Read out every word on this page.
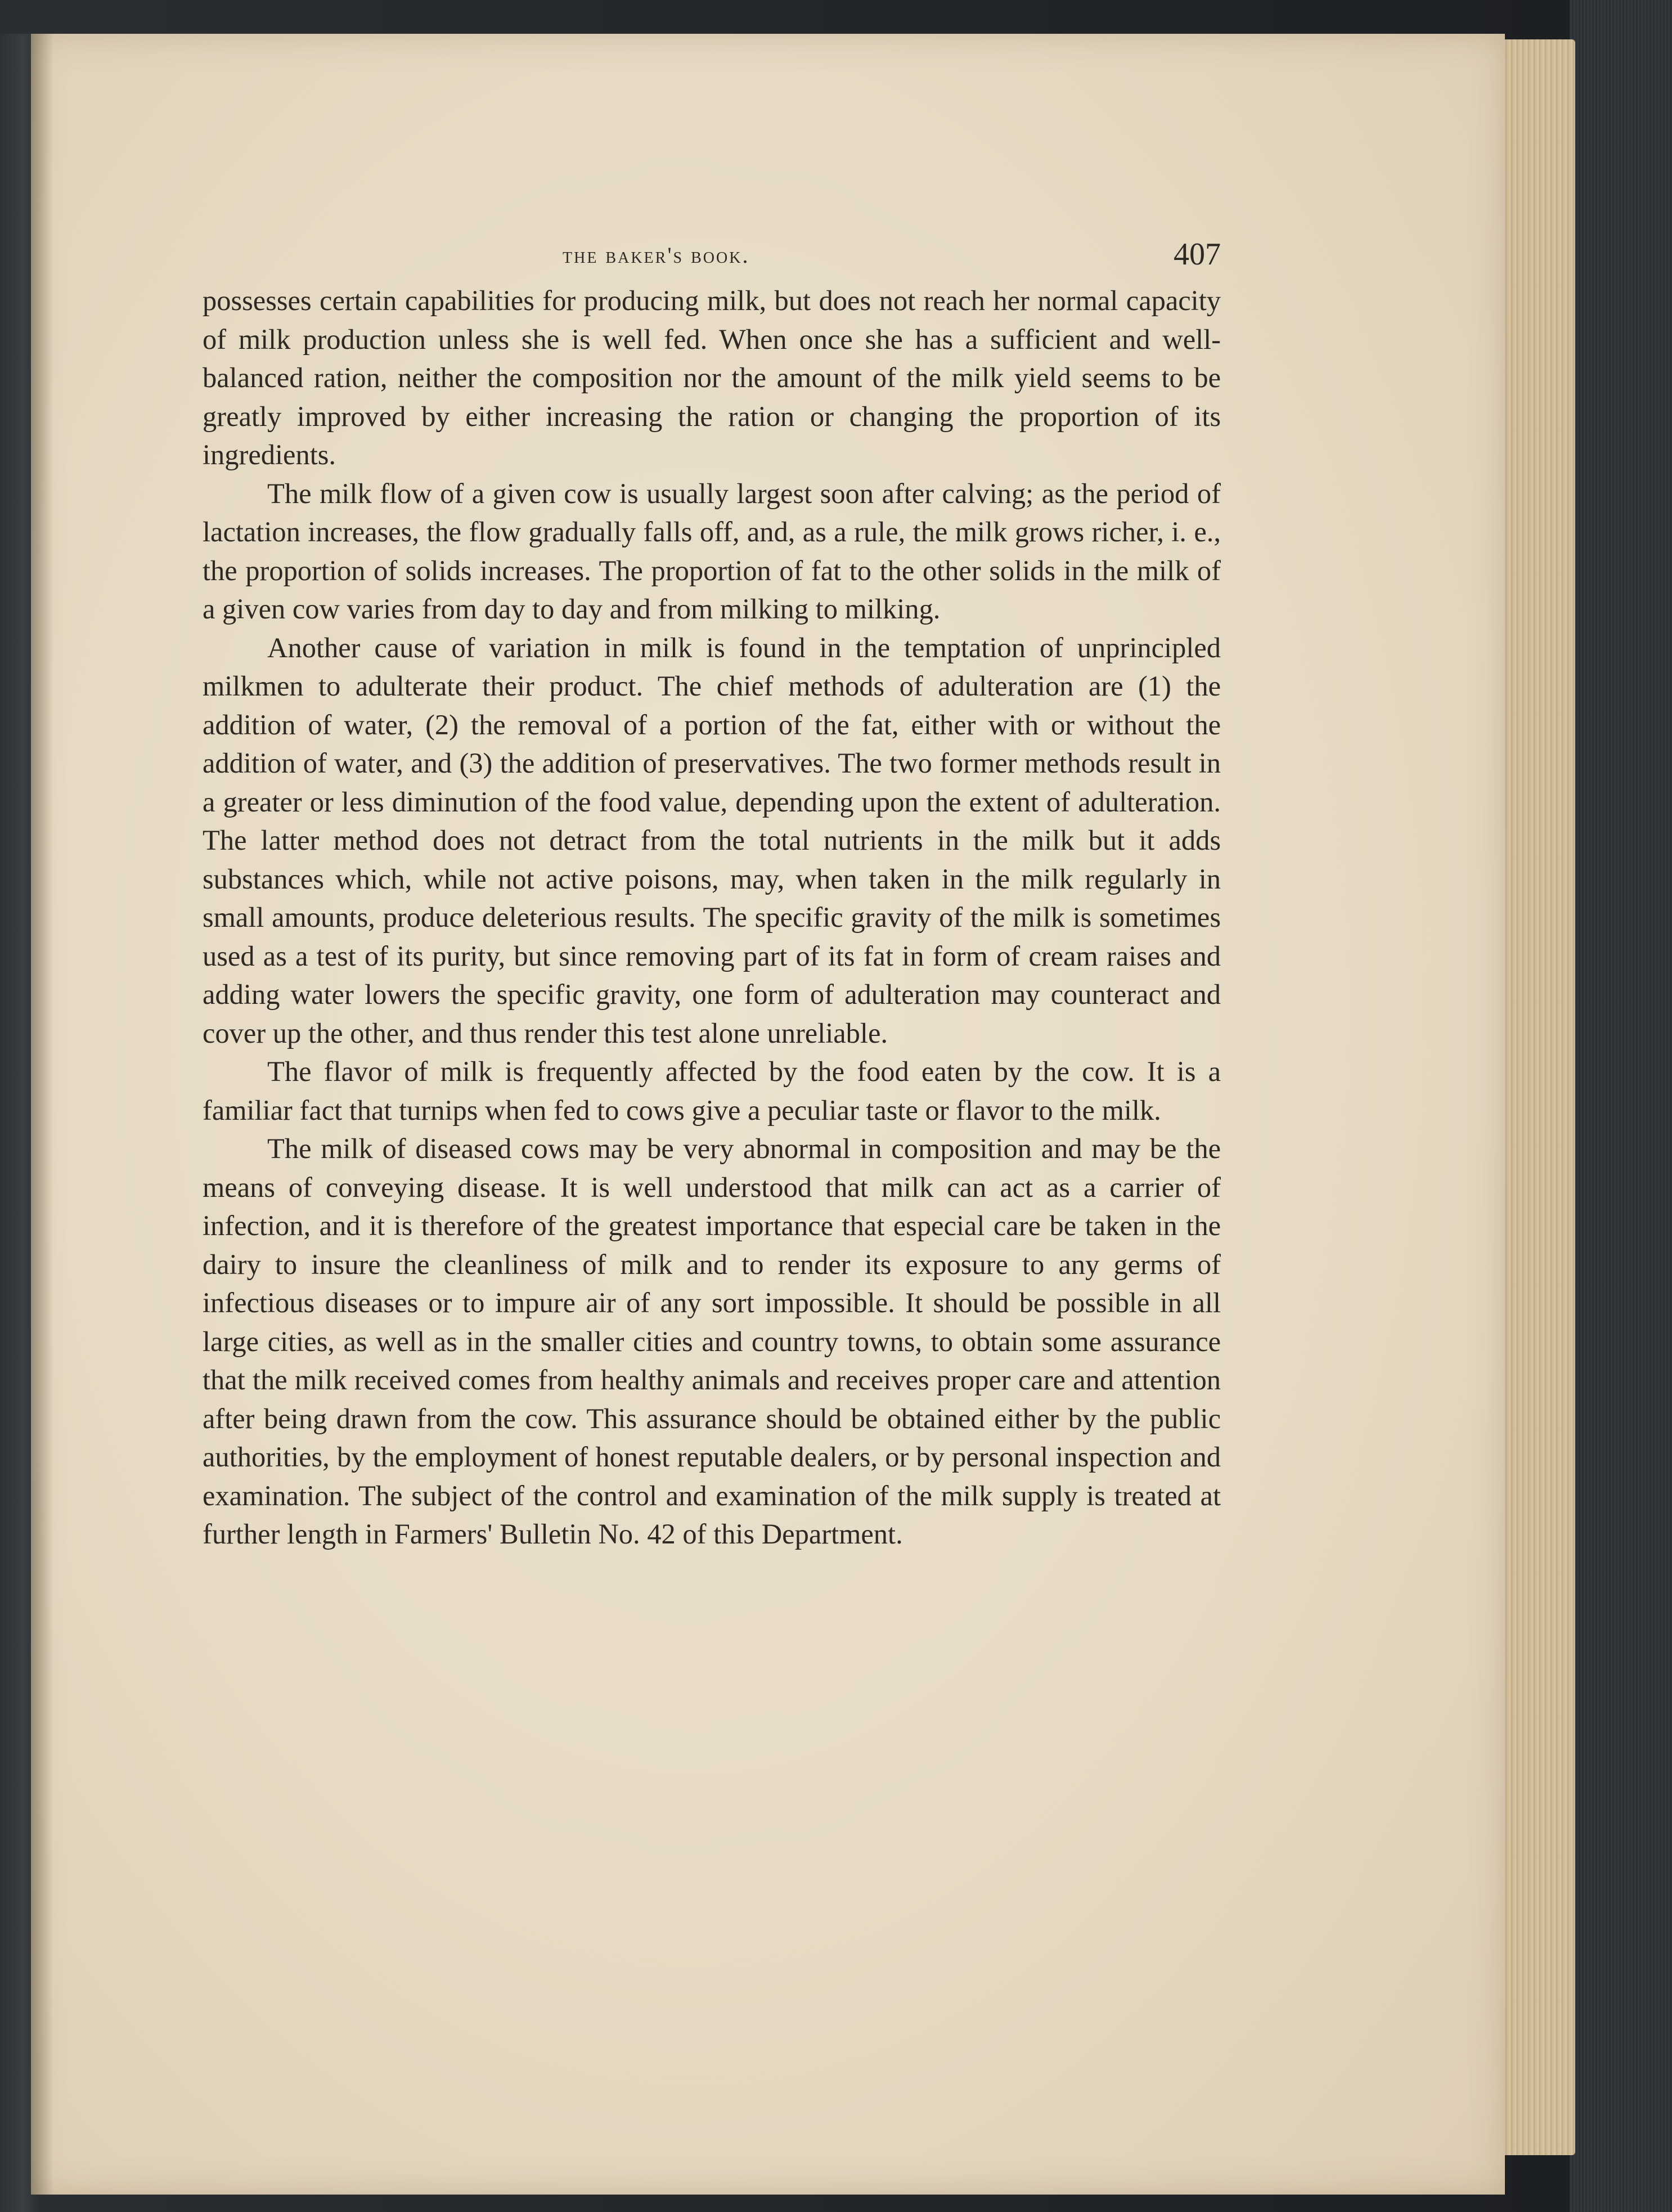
the baker's book.	407

possesses certain capabilities for producing milk, but does not reach her normal capacity of milk production unless she is well fed. When once she has a sufficient and well-balanced ration, neither the composition nor the amount of the milk yield seems to be greatly improved by either increasing the ration or changing the proportion of its ingredients.

The milk flow of a given cow is usually largest soon after calving; as the period of lactation increases, the flow gradually falls off, and, as a rule, the milk grows richer, i. e., the proportion of solids increases. The proportion of fat to the other solids in the milk of a given cow varies from day to day and from milking to milking.

Another cause of variation in milk is found in the temptation of unprincipled milkmen to adulterate their product. The chief methods of adulteration are (1) the addition of water, (2) the removal of a portion of the fat, either with or without the addition of water, and (3) the addition of preservatives. The two former methods result in a greater or less diminution of the food value, depending upon the extent of adulteration. The latter method does not detract from the total nutrients in the milk but it adds substances which, while not active poisons, may, when taken in the milk regularly in small amounts, produce deleterious results. The specific gravity of the milk is sometimes used as a test of its purity, but since removing part of its fat in form of cream raises and adding water lowers the specific gravity, one form of adulteration may counteract and cover up the other, and thus render this test alone unreliable.

The flavor of milk is frequently affected by the food eaten by the cow. It is a familiar fact that turnips when fed to cows give a peculiar taste or flavor to the milk.

The milk of diseased cows may be very abnormal in composition and may be the means of conveying disease. It is well understood that milk can act as a carrier of infection, and it is therefore of the greatest importance that especial care be taken in the dairy to insure the cleanliness of milk and to render its exposure to any germs of infectious diseases or to impure air of any sort impossible. It should be possible in all large cities, as well as in the smaller cities and country towns, to obtain some assurance that the milk received comes from healthy animals and receives proper care and attention after being drawn from the cow. This assurance should be obtained either by the public authorities, by the employment of honest reputable dealers, or by personal inspection and examination. The subject of the control and examination of the milk supply is treated at further length in Farmers' Bulletin No. 42 of this Department.
